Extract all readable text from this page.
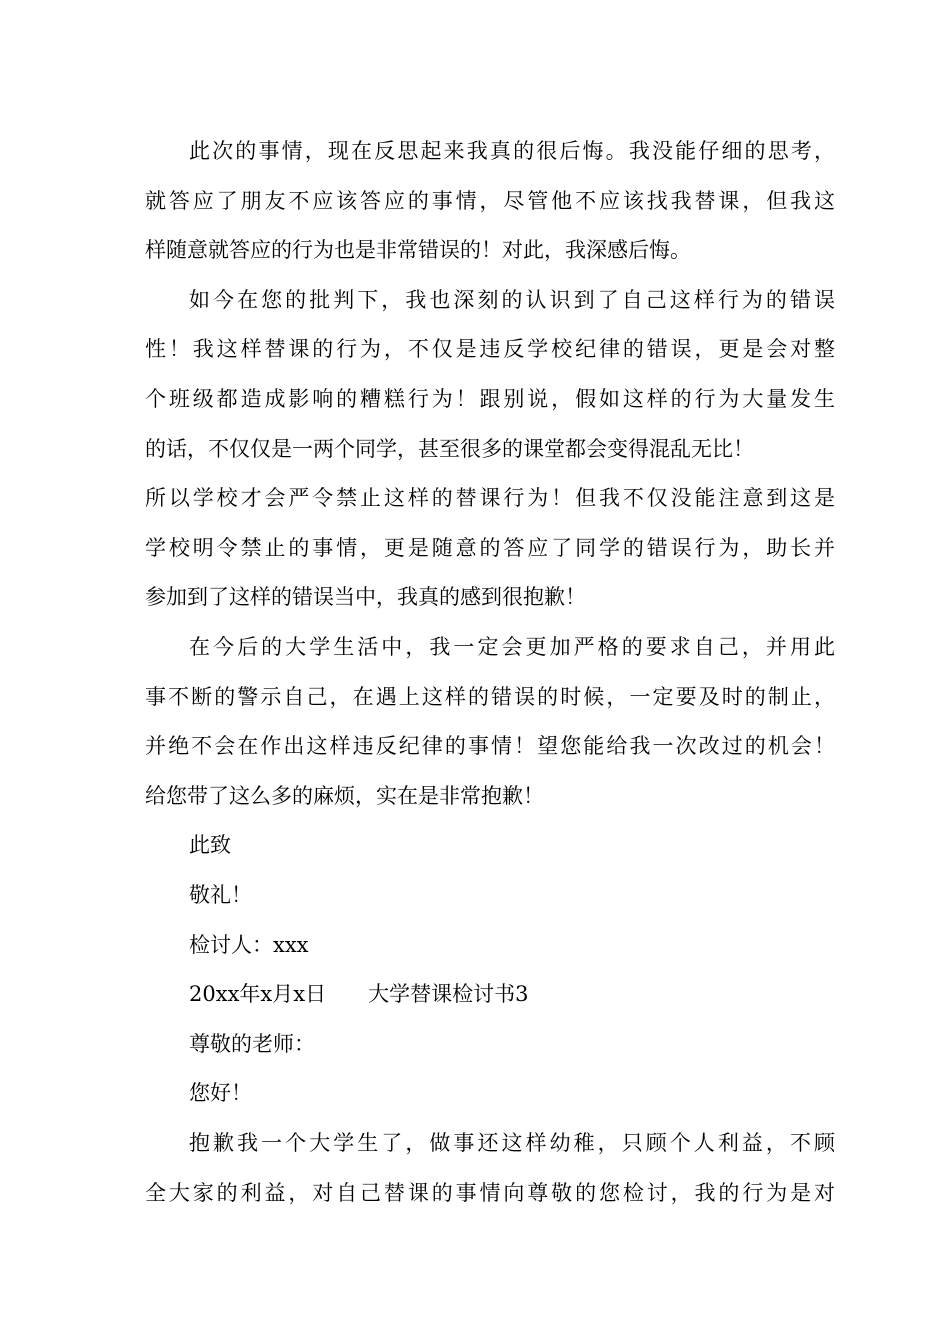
此次的事情，现在反思起来我真的很后悔。我没能仔细的思考，
就答应了朋友不应该答应的事情，尽管他不应该找我替课，但我这
样随意就答应的行为也是非常错误的！对此，我深感后悔。
如今在您的批判下，我也深刻的认识到了自己这样行为的错误
性！我这样替课的行为，不仅是违反学校纪律的错误，更是会对整
个班级都造成影响的糟糕行为！跟别说，假如这样的行为大量发生
的话，不仅仅是一两个同学，甚至很多的课堂都会变得混乱无比！
所以学校才会严令禁止这样的替课行为！但我不仅没能注意到这是
学校明令禁止的事情，更是随意的答应了同学的错误行为，助长并
参加到了这样的错误当中，我真的感到很抱歉！
在今后的大学生活中，我一定会更加严格的要求自己，并用此
事不断的警示自己，在遇上这样的错误的时候，一定要及时的制止，
并绝不会在作出这样违反纪律的事情！望您能给我一次改过的机会！
给您带了这么多的麻烦，实在是非常抱歉！
此致
敬礼！
检讨人：xxx
20xx年x月x日　　大学替课检讨书3
尊敬的老师：
您好！
抱歉我一个大学生了，做事还这样幼稚，只顾个人利益，不顾
全大家的利益，对自己替课的事情向尊敬的您检讨，我的行为是对
